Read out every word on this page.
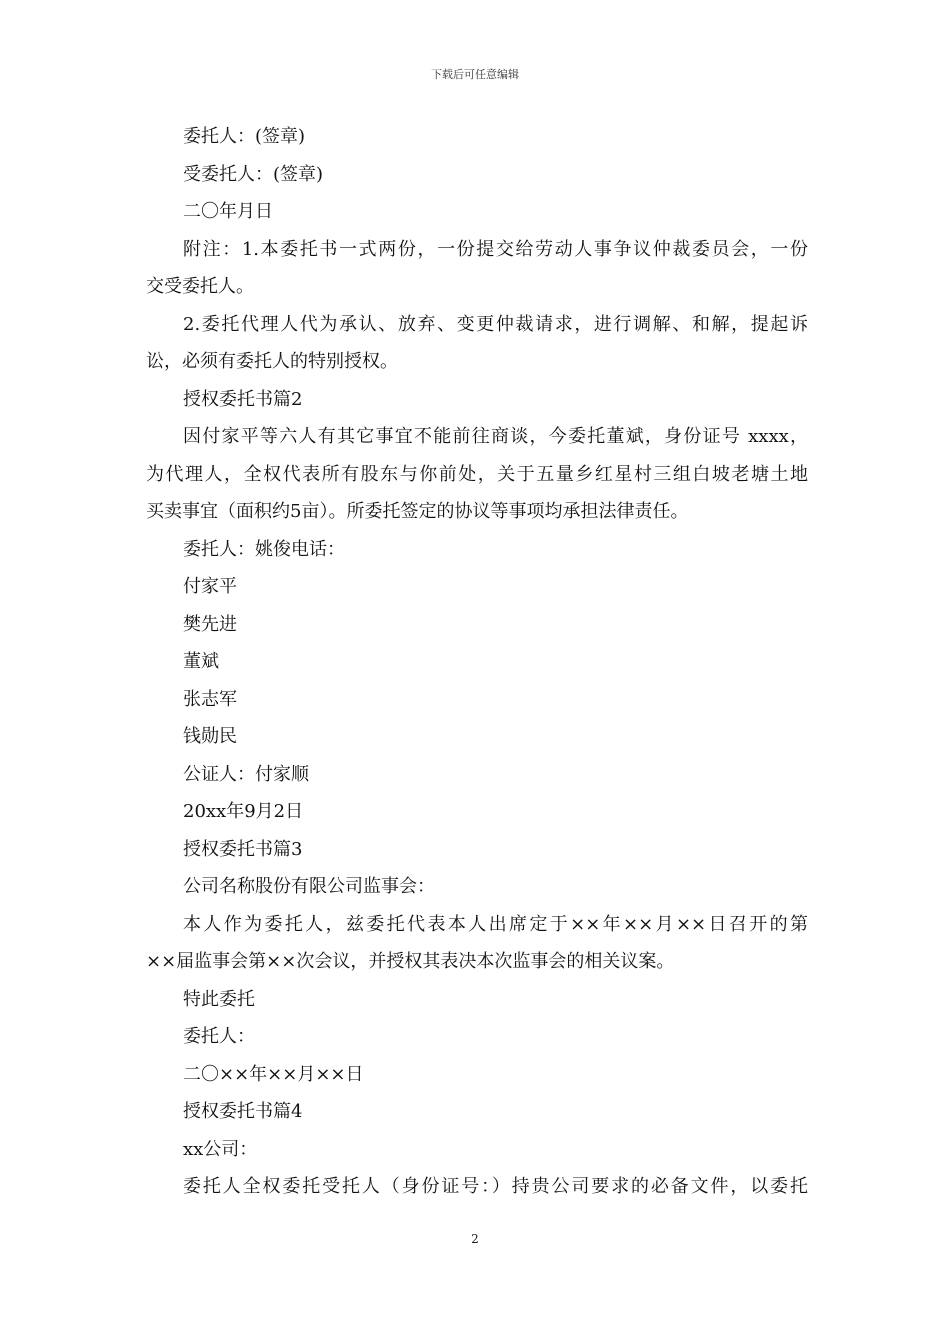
下载后可任意编辑
委托人：(签章)
受委托人：(签章)
二〇年月日
附注：1.本委托书一式两份，一份提交给劳动人事争议仲裁委员会，一份
交受委托人。
2.委托代理人代为承认、放弃、变更仲裁请求，进行调解、和解，提起诉
讼，必须有委托人的特别授权。
授权委托书篇2
因付家平等六人有其它事宜不能前往商谈，今委托董斌，身份证号 xxxx，
为代理人，全权代表所有股东与你前处，关于五量乡红星村三组白坡老塘土地
买卖事宜（面积约5亩）。所委托签定的协议等事项均承担法律责任。
委托人：姚俊电话：
付家平
樊先进
董斌
张志军
钱勋民
公证人：付家顺
20xx年9月2日
授权委托书篇3
公司名称股份有限公司监事会：
本人作为委托人，兹委托代表本人出席定于××年××月××日召开的第
××届监事会第××次会议，并授权其表决本次监事会的相关议案。
特此委托
委托人：
二〇××年××月××日
授权委托书篇4
xx公司：
委托人全权委托受托人（身份证号：）持贵公司要求的必备文件，以委托
2
